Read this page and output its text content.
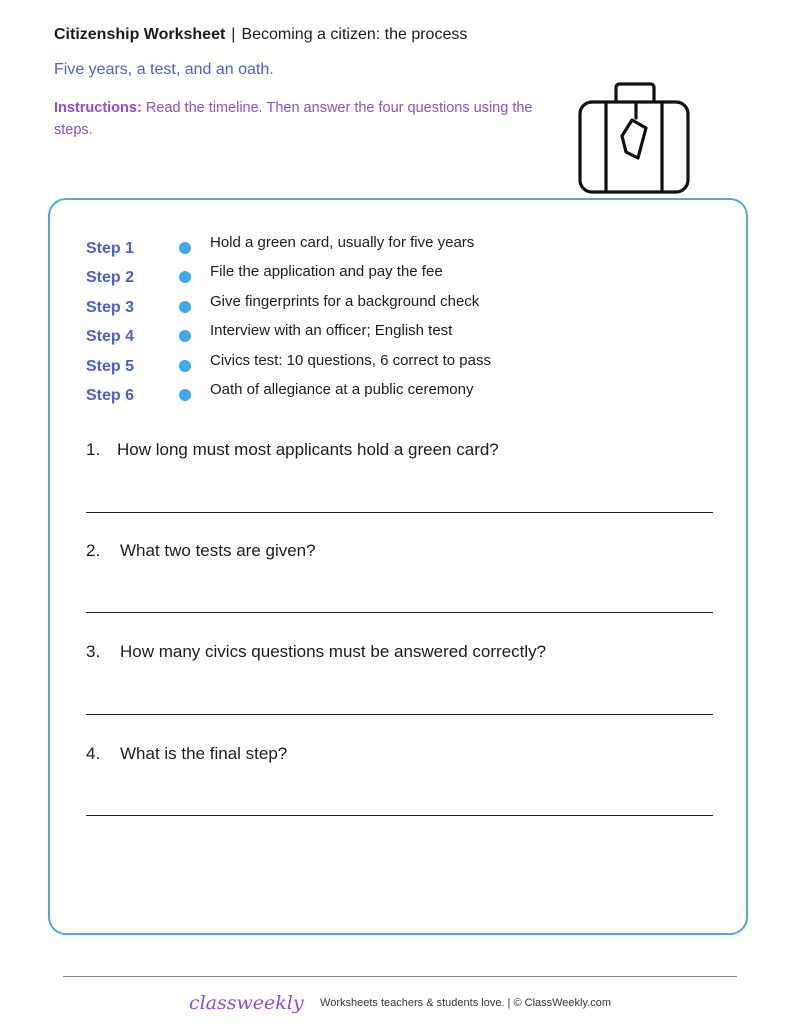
Citizenship Worksheet | Becoming a citizen: the process
Five years, a test, and an oath.
Instructions: Read the timeline. Then answer the four questions using the steps.
Step 1	Hold a green card, usually for five years
Step 2	File the application and pay the fee
Step 3	Give fingerprints for a background check
Step 4	Interview with an officer; English test
Step 5	Civics test: 10 questions, 6 correct to pass
Step 6	Oath of allegiance at a public ceremony
1. How long must most applicants hold a green card?
2. What two tests are given?
3. How many civics questions must be answered correctly?
4. What is the final step?
classweekly Worksheets teachers & students love. | © ClassWeekly.com
